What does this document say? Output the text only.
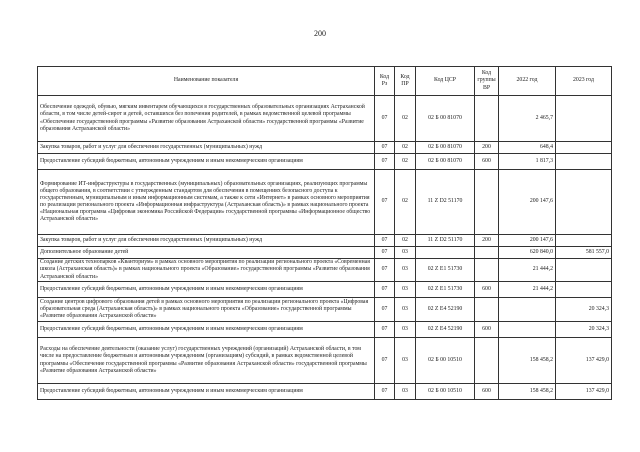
200
Наименование показателя	Код Рз	Код ПР	Код ЦСР	Код группы ВР	2022 год	2023 год
Обеспечение одеждой, обувью, мягким инвентарем обучающихся в государственных образовательных организациях Астраханской области, в том числе детей-сирот и детей, оставшихся без попечения родителей, в рамках ведомственной целевой программы «Обеспечение государственной программы «Развитие образования Астраханской области» государственной программы «Развитие образования Астраханской области»	07	02	02 Б 00 81070		2 465,7	
Закупка товаров, работ и услуг для обеспечения государственных (муниципальных) нужд	07	02	02 Б 00 81070	200	648,4	
Предоставление субсидий бюджетным, автономным учреждениям и иным некоммерческим организациям	07	02	02 Б 00 81070	600	1 817,3	
Формирование ИТ-инфраструктуры в государственных (муниципальных) образовательных организациях, реализующих программы общего образования, в соответствии с утвержденным стандартом для обеспечения в помещениях безопасного доступа к государственным, муниципальным и иным информационным системам, а также к сети «Интернет» в рамках основного мероприятия по реализации регионального проекта «Информационная инфраструктура (Астраханская область)» в рамках национального проекта «Национальная программа «Цифровая экономика Российской Федерации» государственной программы «Информационное общество Астраханской области»	07	02	11 Z D2 51170		200 147,6	
Закупка товаров, работ и услуг для обеспечения государственных (муниципальных) нужд	07	02	11 Z D2 51170	200	200 147,6	
Дополнительное образование детей	07	03			620 840,0	581 557,0
Создание детских технопарков «Кванториум» в рамках основного мероприятия по реализации регионального проекта «Современная школа (Астраханская область)» в рамках национального проекта «Образование» государственной программы «Развитие образования Астраханской области»	07	03	02 Z E1 51730		21 444,2	
Предоставление субсидий бюджетным, автономным учреждениям и иным некоммерческим организациям	07	03	02 Z E1 51730	600	21 444,2	
Создание центров цифрового образования детей в рамках основного мероприятия по реализации регионального проекта «Цифровая образовательная среда (Астраханская область)» в рамках национального проекта «Образование» государственной программы «Развитие образования Астраханской области»	07	03	02 Z E4 52190			20 324,3
Предоставление субсидий бюджетным, автономным учреждениям и иным некоммерческим организациям	07	03	02 Z E4 52190	600		20 324,3
Расходы на обеспечение деятельности (оказание услуг) государственных учреждений (организаций) Астраханской области, в том числе на предоставление бюджетным и автономным учреждениям (организациям) субсидий, в рамках ведомственной целевой программы «Обеспечение государственной программы «Развитие образования Астраханской области» государственной программы «Развитие образования Астраханской области»	07	03	02 Б 00 10510		158 458,2	137 429,0
Предоставление субсидий бюджетным, автономным учреждениям и иным некоммерческим организациям	07	03	02 Б 00 10510	600	158 458,2	137 429,0
